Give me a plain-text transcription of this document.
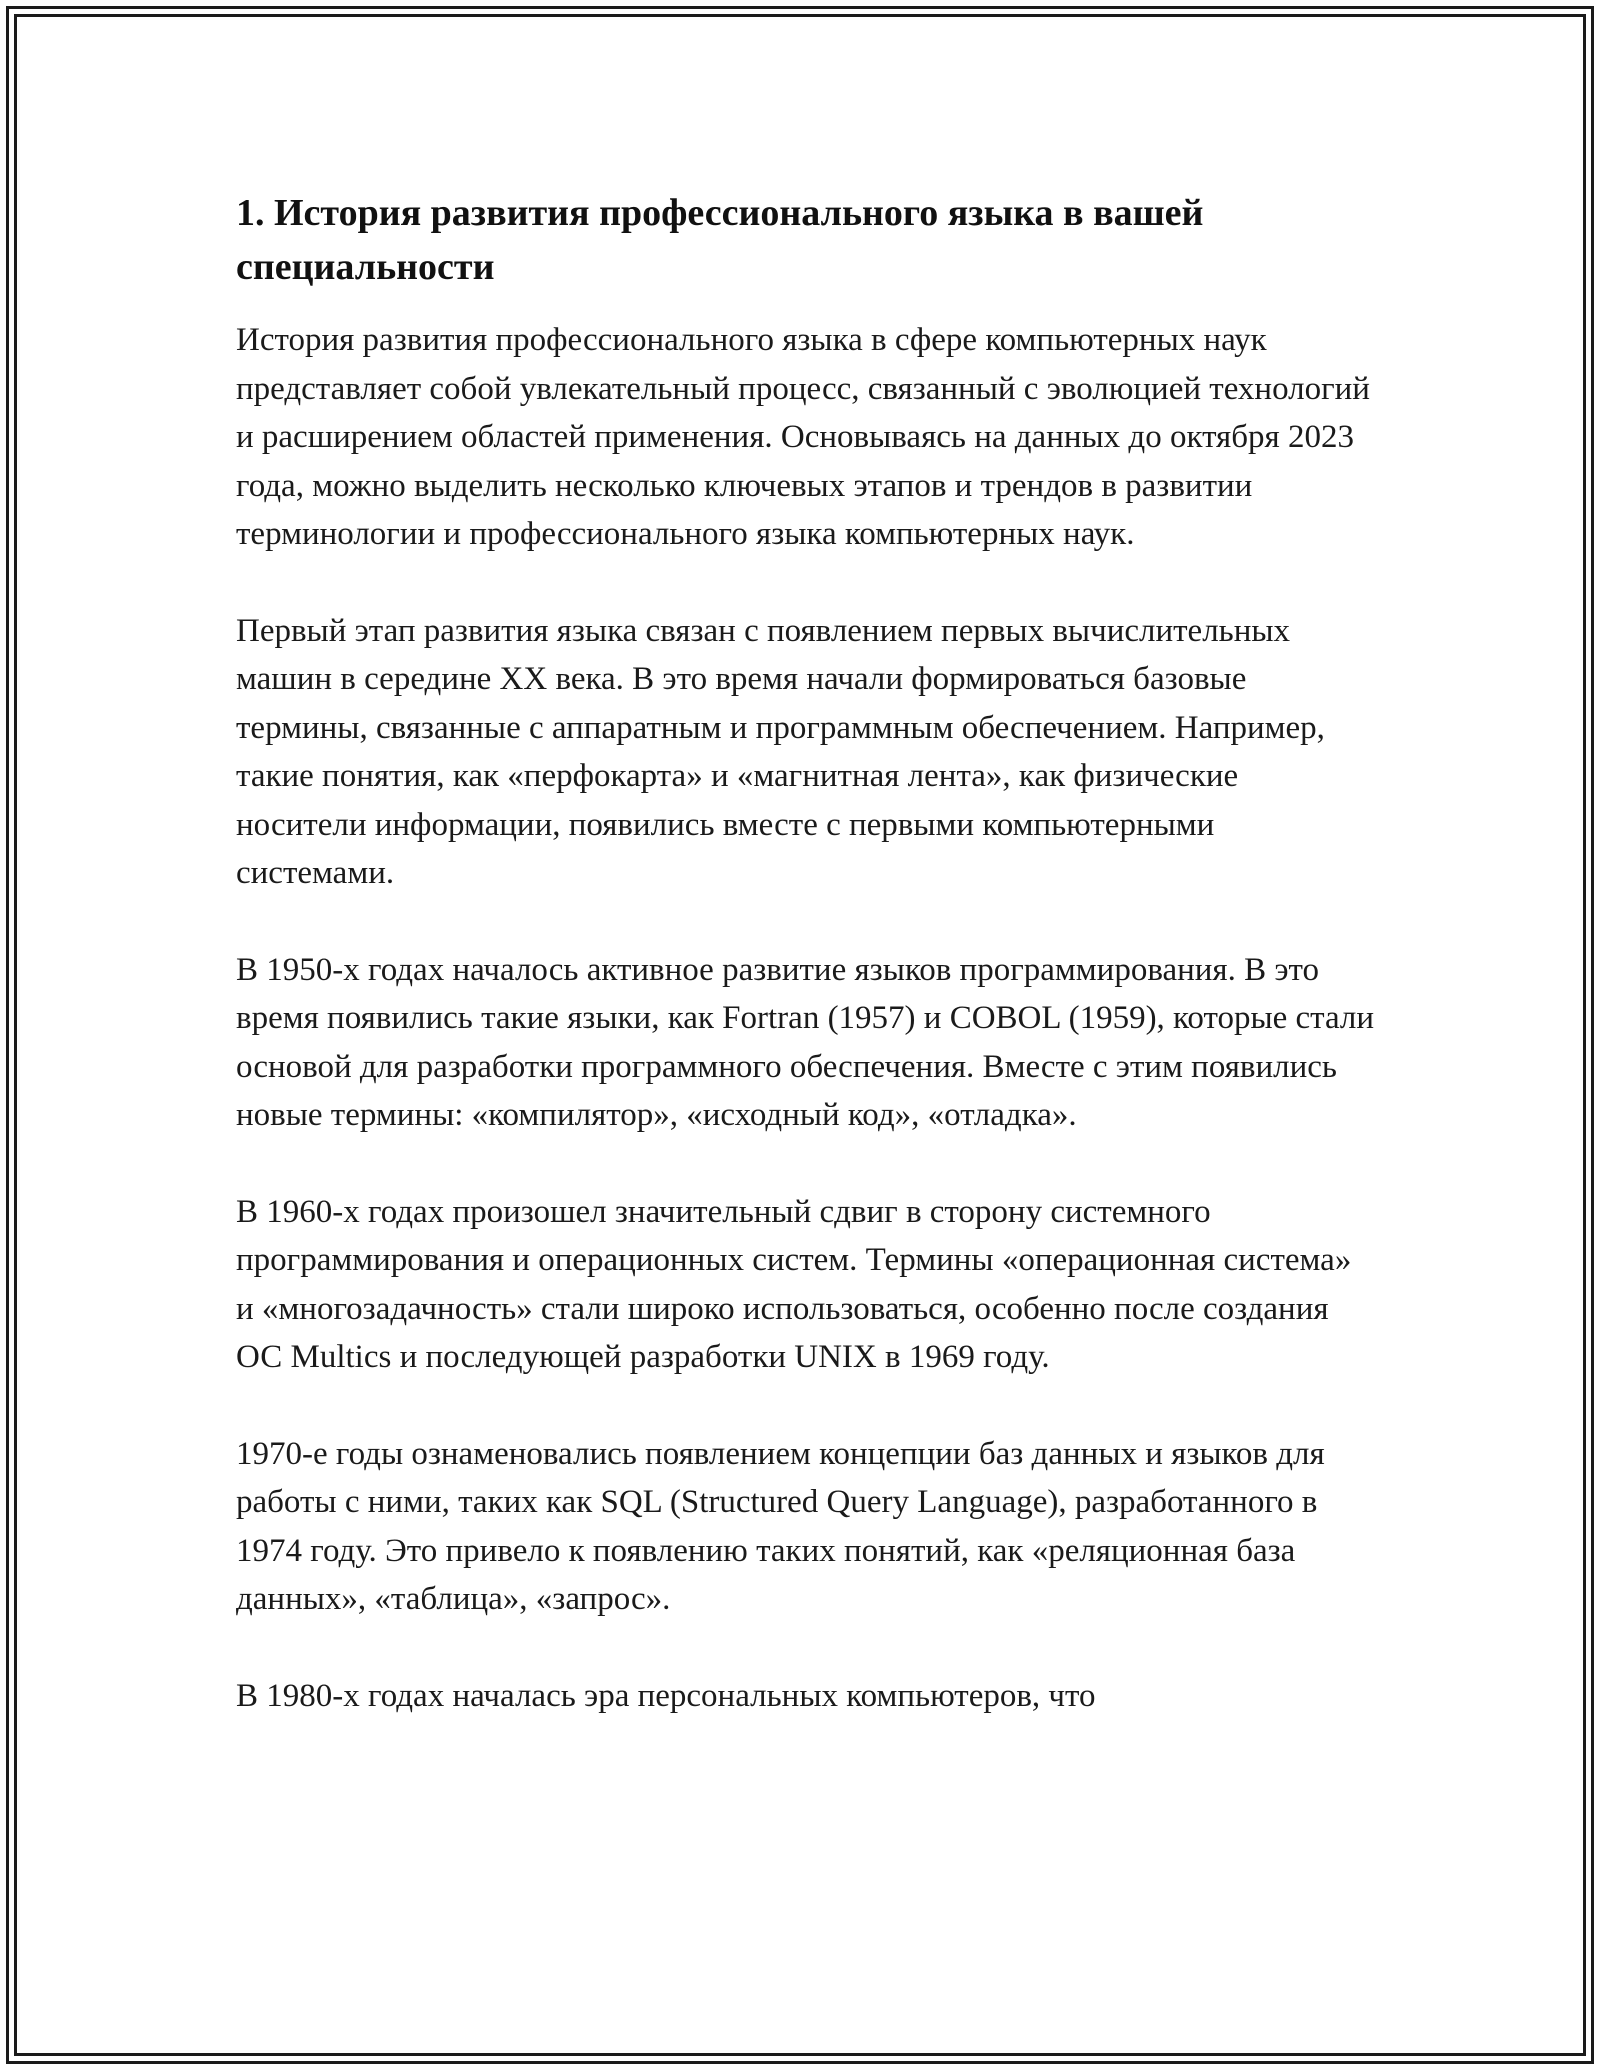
1. История развития профессионального языка в вашей специальности

История развития профессионального языка в сфере компьютерных наук представляет собой увлекательный процесс, связанный с эволюцией технологий и расширением областей применения. Основываясь на данных до октября 2023 года, можно выделить несколько ключевых этапов и трендов в развитии терминологии и профессионального языка компьютерных наук.

Первый этап развития языка связан с появлением первых вычислительных машин в середине XX века. В это время начали формироваться базовые термины, связанные с аппаратным и программным обеспечением. Например, такие понятия, как «перфокарта» и «магнитная лента», как физические носители информации, появились вместе с первыми компьютерными системами.

В 1950-х годах началось активное развитие языков программирования. В это время появились такие языки, как Fortran (1957) и COBOL (1959), которые стали основой для разработки программного обеспечения. Вместе с этим появились новые термины: «компилятор», «исходный код», «отладка».

В 1960-х годах произошел значительный сдвиг в сторону системного программирования и операционных систем. Термины «операционная система» и «многозадачность» стали широко использоваться, особенно после создания ОС Multics и последующей разработки UNIX в 1969 году.

1970-е годы ознаменовались появлением концепции баз данных и языков для работы с ними, таких как SQL (Structured Query Language), разработанного в 1974 году. Это привело к появлению таких понятий, как «реляционная база данных», «таблица», «запрос».

В 1980-х годах началась эра персональных компьютеров, что
